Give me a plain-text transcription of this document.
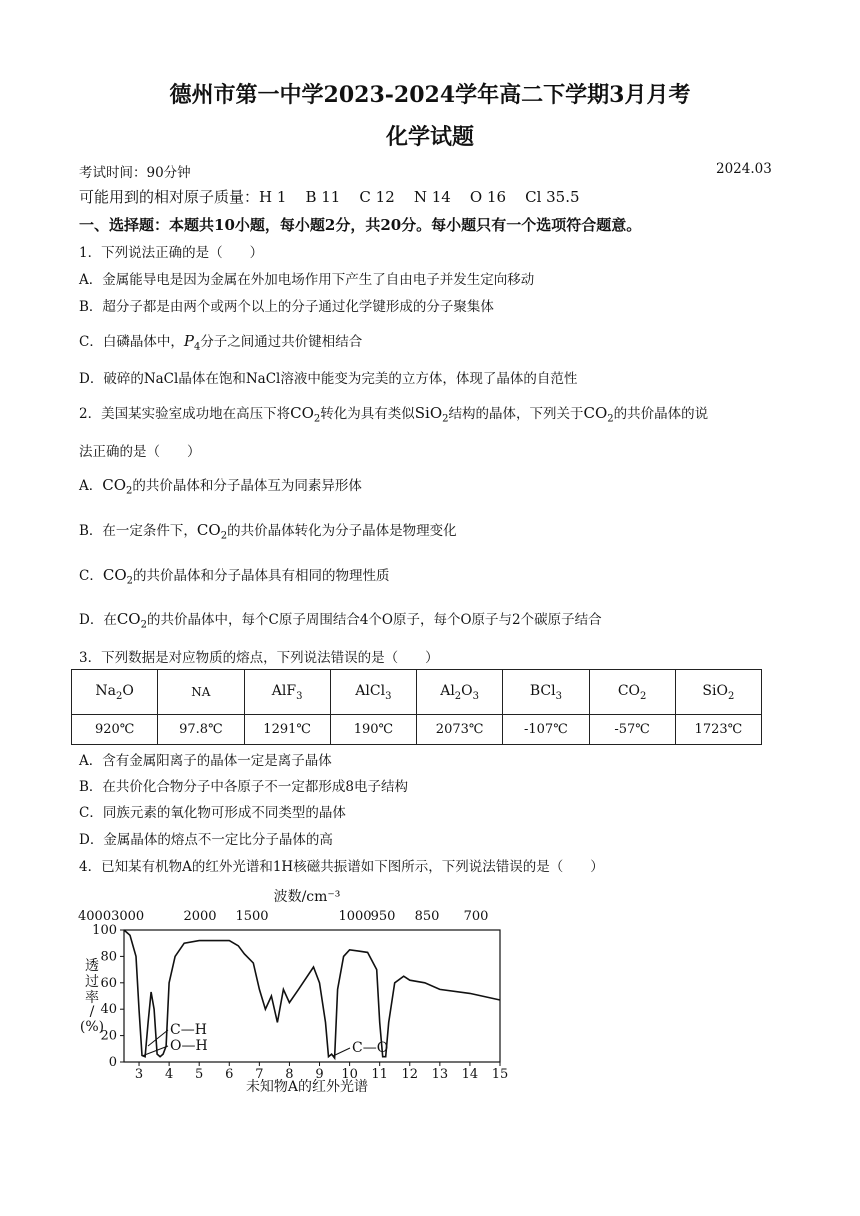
德州市第一中学2023-2024学年高二下学期3月月考
化学试题
考试时间：90分钟	2024.03
可能用到的相对原子质量：H 1    B 11    C 12    N 14    O 16    Cl 35.5
一、选择题：本题共10小题，每小题2分，共20分。每小题只有一个选项符合题意。
1．下列说法正确的是（　　）
A．金属能导电是因为金属在外加电场作用下产生了自由电子并发生定向移动
B．超分子都是由两个或两个以上的分子通过化学键形成的分子聚集体
C．白磷晶体中，$P_4$分子之间通过共价键相结合
D．破碎的NaCl晶体在饱和NaCl溶液中能变为完美的立方体，体现了晶体的自范性
2．美国某实验室成功地在高压下将$CO_2$转化为具有类似SiO$_2$结构的晶体，下列关于$CO_2$的共价晶体的说
法正确的是（　　）
A．$CO_2$的共价晶体和分子晶体互为同素异形体
B．在一定条件下，$CO_2$的共价晶体转化为分子晶体是物理变化
C．$CO_2$的共价晶体和分子晶体具有相同的物理性质
D．在$CO_2$的共价晶体中，每个C原子周围结合4个O原子，每个O原子与2个碳原子结合
3．下列数据是对应物质的熔点，下列说法错误的是（　　）
$Na_2O$	NA	AlF$_3$	AlCl$_3$	$Al_2O_3$	BCl$_3$	$CO_2$	SiO$_2$
920℃	97.8℃	1291℃	190℃	2073℃	-107℃	-57℃	1723℃
A．含有金属阳离子的晶体一定是离子晶体
B．在共价化合物分子中各原子不一定都形成8电子结构
C．同族元素的氧化物可形成不同类型的晶体
D．金属晶体的熔点不一定比分子晶体的高
4．已知某有机物A的红外光谱和1H核磁共振谱如下图所示，下列说法错误的是（　　）
波数/cm⁻³
40003000	2000 1500	1000 950 850 700
3 4 5 6 7 8 9 10 11 12 13 14 15
0
20
40
60
80
100
透
过
率
/
(%)
未知物A的红外光谱
C—H
O—H	C—O
